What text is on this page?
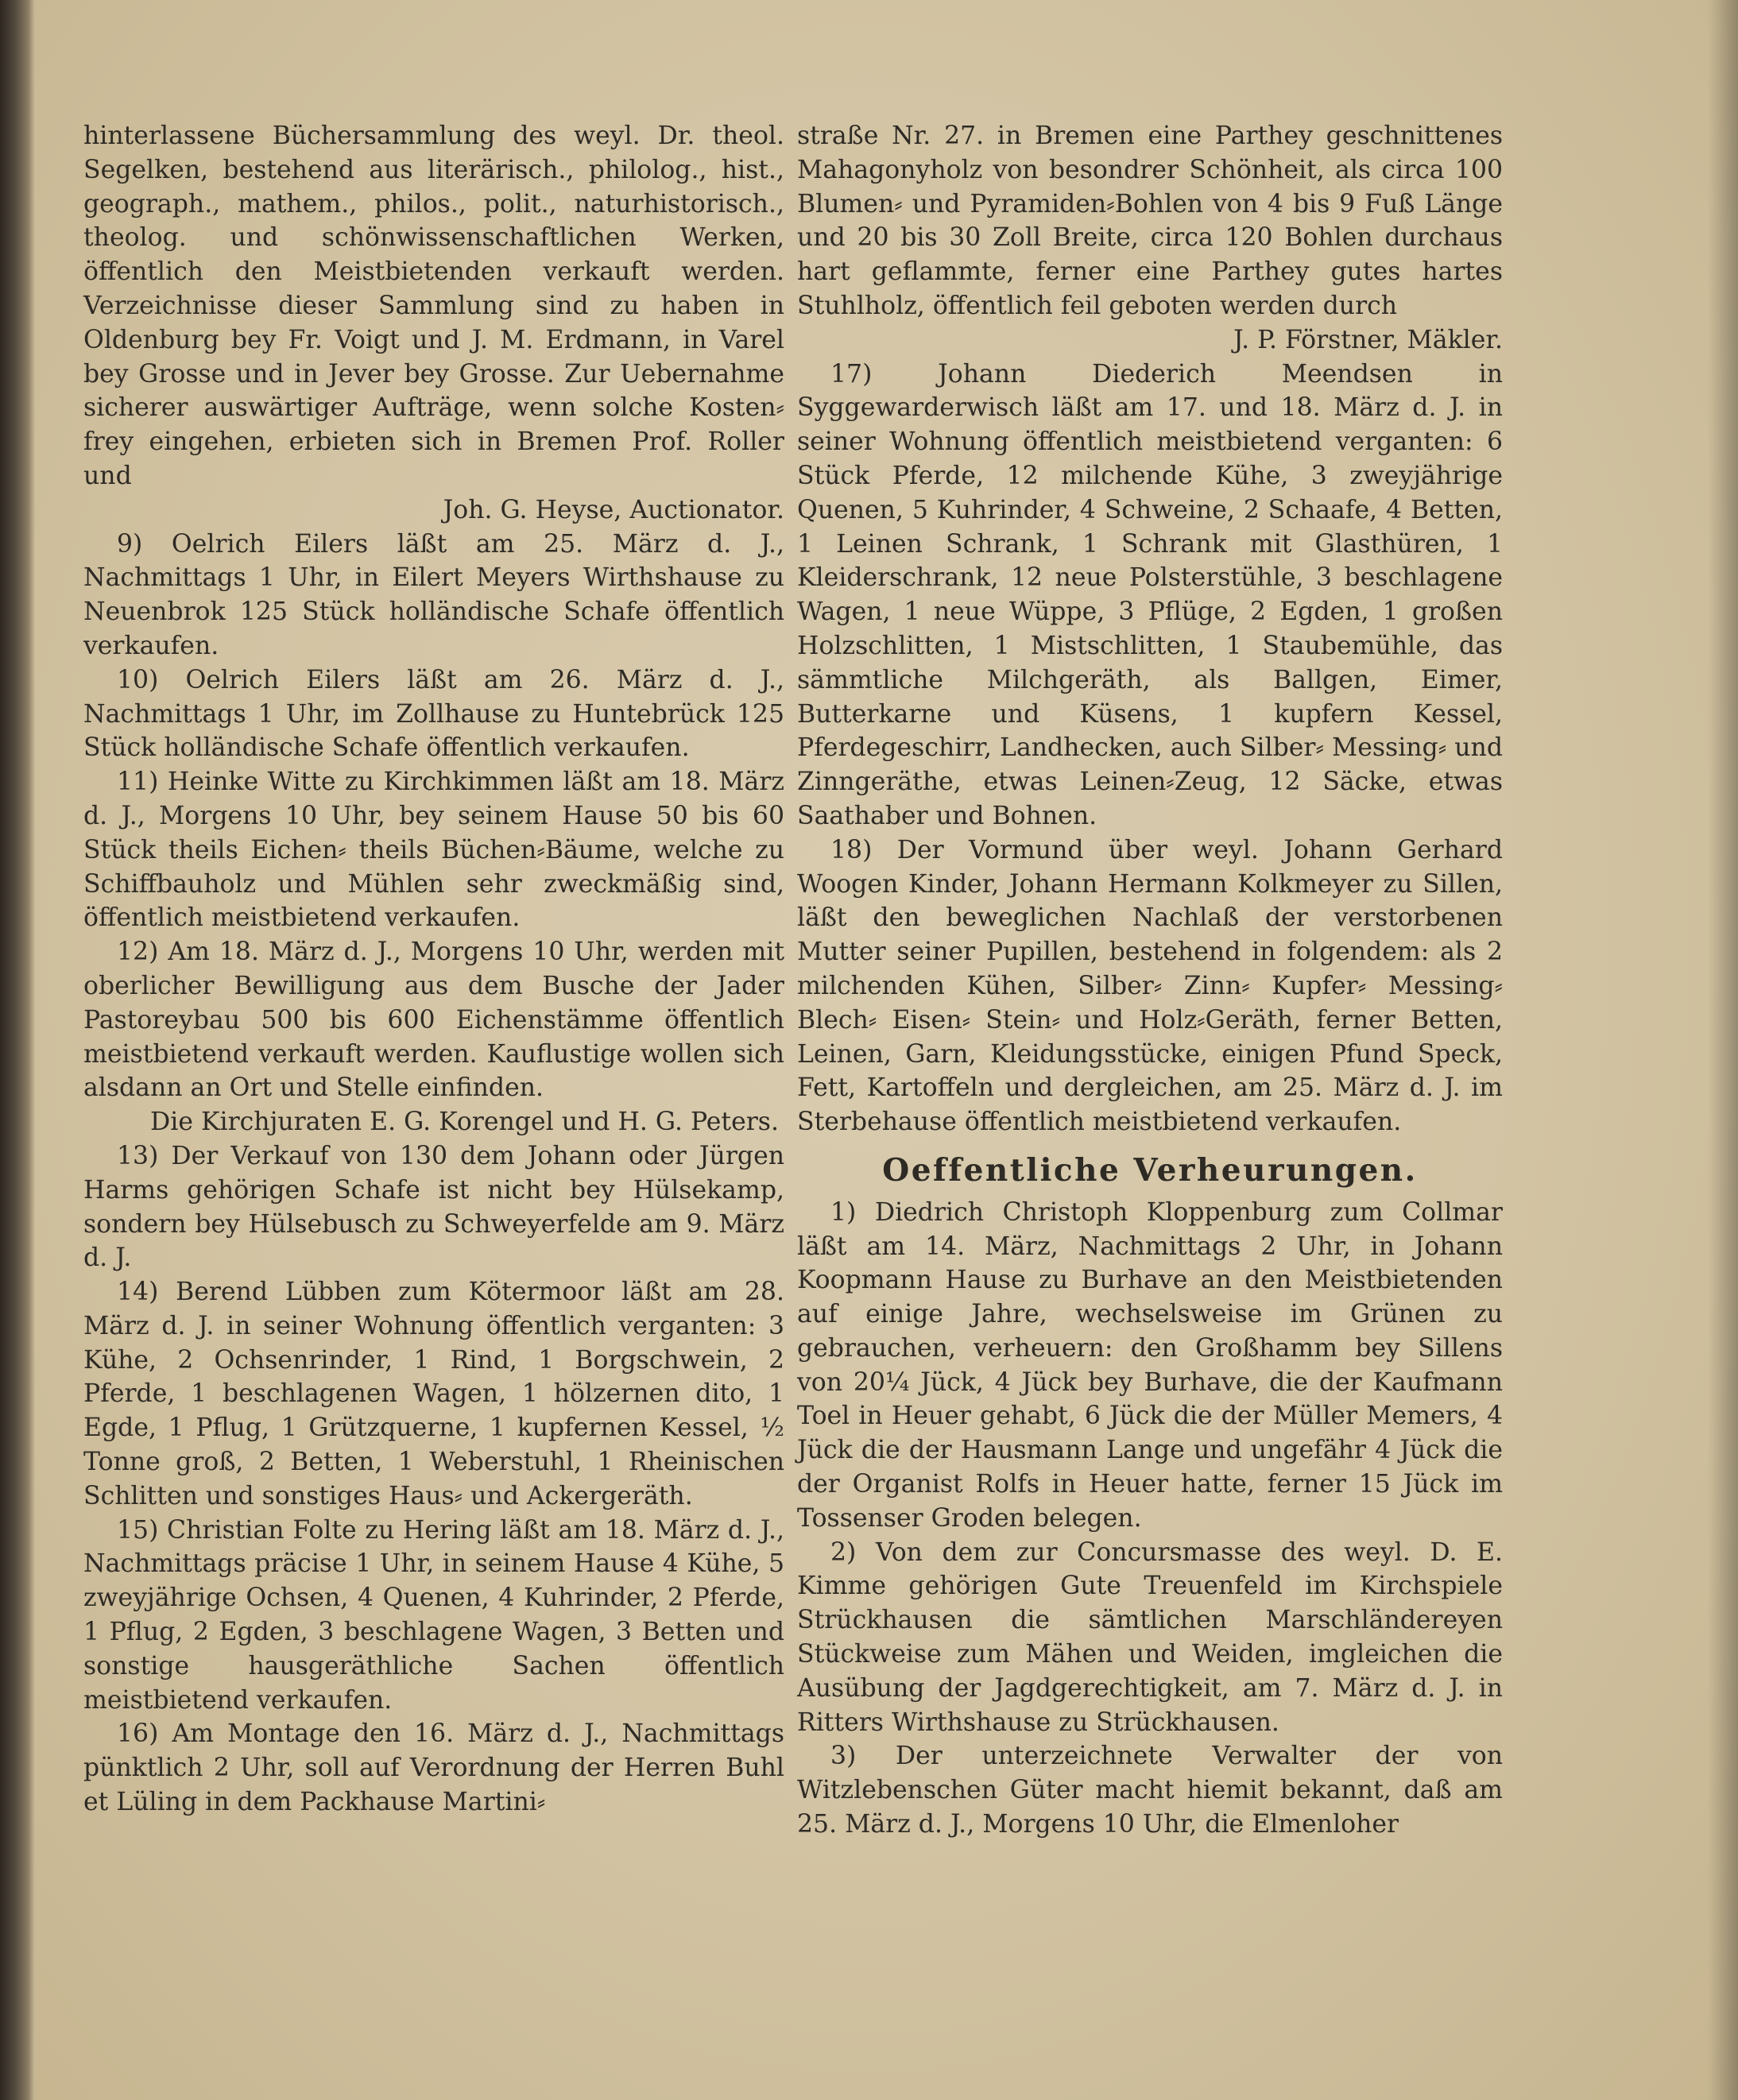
hinterlassene Büchersammlung des weyl. Dr. theol. Segelken, bestehend aus literärisch., philolog., hist., geograph., mathem., philos., polit., naturhistorisch., theolog. und schönwissenschaftlichen Werken, öffentlich den Meistbietenden verkauft werden. Verzeichnisse dieser Sammlung sind zu haben in Oldenburg bey Fr. Voigt und J. M. Erdmann, in Varel bey Grosse und in Jever bey Grosse. Zur Uebernahme sicherer auswärtiger Aufträge, wenn solche Kosten⸗frey eingehen, erbieten sich in Bremen Prof. Roller und

Joh. G. Heyse, Auctionator.

9) Oelrich Eilers läßt am 25. März d. J., Nachmittags 1 Uhr, in Eilert Meyers Wirthshause zu Neuenbrok 125 Stück holländische Schafe öffentlich verkaufen.

10) Oelrich Eilers läßt am 26. März d. J., Nachmittags 1 Uhr, im Zollhause zu Huntebrück 125 Stück holländische Schafe öffentlich verkaufen.

11) Heinke Witte zu Kirchkimmen läßt am 18. März d. J., Morgens 10 Uhr, bey seinem Hause 50 bis 60 Stück theils Eichen⸗ theils Büchen⸗Bäume, welche zu Schiffbauholz und Mühlen sehr zweckmäßig sind, öffentlich meistbietend verkaufen.

12) Am 18. März d. J., Morgens 10 Uhr, werden mit oberlicher Bewilligung aus dem Busche der Jader Pastoreybau 500 bis 600 Eichenstämme öffentlich meistbietend verkauft werden. Kauflustige wollen sich alsdann an Ort und Stelle einfinden.

Die Kirchjuraten E. G. Korengel und H. G. Peters.

13) Der Verkauf von 130 dem Johann oder Jürgen Harms gehörigen Schafe ist nicht bey Hülsekamp, sondern bey Hülsebusch zu Schweyerfelde am 9. März d. J.

14) Berend Lübben zum Kötermoor läßt am 28. März d. J. in seiner Wohnung öffentlich verganten: 3 Kühe, 2 Ochsenrinder, 1 Rind, 1 Borgschwein, 2 Pferde, 1 beschlagenen Wagen, 1 hölzernen dito, 1 Egde, 1 Pflug, 1 Grützquerne, 1 kupfernen Kessel, ½ Tonne groß, 2 Betten, 1 Weberstuhl, 1 Rheinischen Schlitten und sonstiges Haus⸗ und Ackergeräth.

15) Christian Folte zu Hering läßt am 18. März d. J., Nachmittags präcise 1 Uhr, in seinem Hause 4 Kühe, 5 zweyjährige Ochsen, 4 Quenen, 4 Kuhrinder, 2 Pferde, 1 Pflug, 2 Egden, 3 beschlagene Wagen, 3 Betten und sonstige hausgeräthliche Sachen öffentlich meistbietend verkaufen.

16) Am Montage den 16. März d. J., Nachmittags pünktlich 2 Uhr, soll auf Verordnung der Herren Buhl et Lüling in dem Packhause Martini⸗

straße Nr. 27. in Bremen eine Parthey geschnittenes Mahagonyholz von besondrer Schönheit, als circa 100 Blumen⸗ und Pyramiden⸗Bohlen von 4 bis 9 Fuß Länge und 20 bis 30 Zoll Breite, circa 120 Bohlen durchaus hart geflammte, ferner eine Parthey gutes hartes Stuhlholz, öffentlich feil geboten werden durch

J. P. Förstner, Mäkler.

17) Johann Diederich Meendsen in Syggewarderwisch läßt am 17. und 18. März d. J. in seiner Wohnung öffentlich meistbietend verganten: 6 Stück Pferde, 12 milchende Kühe, 3 zweyjährige Quenen, 5 Kuhrinder, 4 Schweine, 2 Schaafe, 4 Betten, 1 Leinen Schrank, 1 Schrank mit Glasthüren, 1 Kleiderschrank, 12 neue Polsterstühle, 3 beschlagene Wagen, 1 neue Wüppe, 3 Pflüge, 2 Egden, 1 großen Holzschlitten, 1 Mistschlitten, 1 Staubemühle, das sämmtliche Milchgeräth, als Ballgen, Eimer, Butterkarne und Küsens, 1 kupfern Kessel, Pferdegeschirr, Landhecken, auch Silber⸗ Messing⸗ und Zinngeräthe, etwas Leinen⸗Zeug, 12 Säcke, etwas Saathaber und Bohnen.

18) Der Vormund über weyl. Johann Gerhard Woogen Kinder, Johann Hermann Kolkmeyer zu Sillen, läßt den beweglichen Nachlaß der verstorbenen Mutter seiner Pupillen, bestehend in folgendem: als 2 milchenden Kühen, Silber⸗ Zinn⸗ Kupfer⸗ Messing⸗ Blech⸗ Eisen⸗ Stein⸗ und Holz⸗Geräth, ferner Betten, Leinen, Garn, Kleidungsstücke, einigen Pfund Speck, Fett, Kartoffeln und dergleichen, am 25. März d. J. im Sterbehause öffentlich meistbietend verkaufen.

Oeffentliche Verheurungen.

1) Diedrich Christoph Kloppenburg zum Collmar läßt am 14. März, Nachmittags 2 Uhr, in Johann Koopmann Hause zu Burhave an den Meistbietenden auf einige Jahre, wechselsweise im Grünen zu gebrauchen, verheuern: den Großhamm bey Sillens von 20¼ Jück, 4 Jück bey Burhave, die der Kaufmann Toel in Heuer gehabt, 6 Jück die der Müller Memers, 4 Jück die der Hausmann Lange und ungefähr 4 Jück die der Organist Rolfs in Heuer hatte, ferner 15 Jück im Tossenser Groden belegen.

2) Von dem zur Concursmasse des weyl. D. E. Kimme gehörigen Gute Treuenfeld im Kirchspiele Strückhausen die sämtlichen Marschländereyen Stückweise zum Mähen und Weiden, imgleichen die Ausübung der Jagdgerechtigkeit, am 7. März d. J. in Ritters Wirthshause zu Strückhausen.

3) Der unterzeichnete Verwalter der von Witzlebenschen Güter macht hiemit bekannt, daß am 25. März d. J., Morgens 10 Uhr, die Elmenloher
